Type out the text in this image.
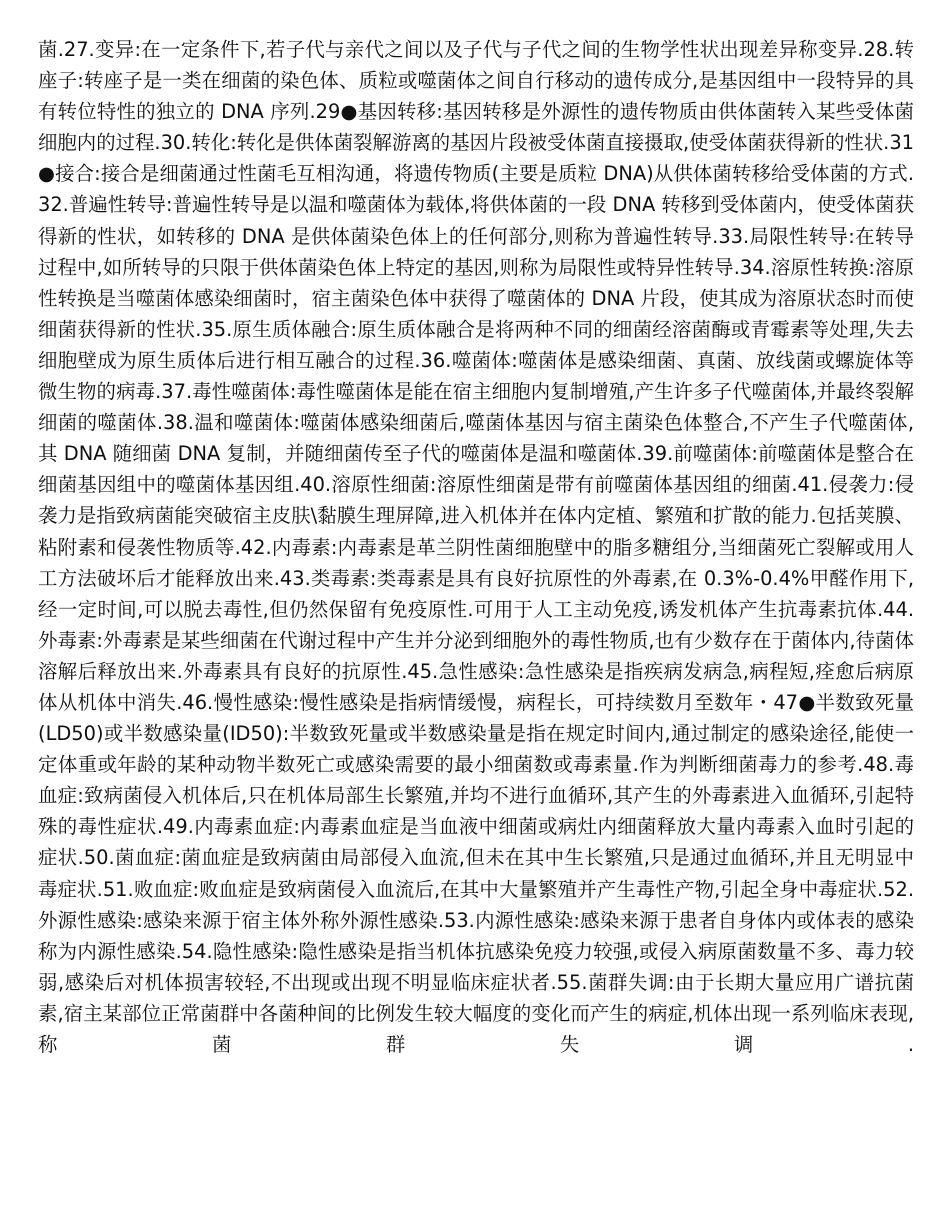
菌.27.变异:在一定条件下,若子代与亲代之间以及子代与子代之间的生物学性状出现差异称变异.28.转座子:转座子是一类在细菌的染色体、质粒或噬菌体之间自行移动的遗传成分,是基因组中一段特异的具有转位特性的独立的 DNA 序列.29●基因转移:基因转移是外源性的遗传物质由供体菌转入某些受体菌细胞内的过程.30.转化:转化是供体菌裂解游离的基因片段被受体菌直接摄取,使受体菌获得新的性状.31●接合:接合是细菌通过性菌毛互相沟通，将遗传物质(主要是质粒 DNA)从供体菌转移给受体菌的方式.32.普遍性转导:普遍性转导是以温和噬菌体为载体,将供体菌的一段 DNA 转移到受体菌内，使受体菌获得新的性状，如转移的 DNA 是供体菌染色体上的任何部分,则称为普遍性转导.33.局限性转导:在转导过程中,如所转导的只限于供体菌染色体上特定的基因,则称为局限性或特异性转导.34.溶原性转换:溶原性转换是当噬菌体感染细菌时，宿主菌染色体中获得了噬菌体的 DNA 片段，使其成为溶原状态时而使细菌获得新的性状.35.原生质体融合:原生质体融合是将两种不同的细菌经溶菌酶或青霉素等处理,失去细胞壁成为原生质体后进行相互融合的过程.36.噬菌体:噬菌体是感染细菌、真菌、放线菌或螺旋体等微生物的病毒.37.毒性噬菌体:毒性噬菌体是能在宿主细胞内复制增殖,产生许多子代噬菌体,并最终裂解细菌的噬菌体.38.温和噬菌体:噬菌体感染细菌后,噬菌体基因与宿主菌染色体整合,不产生子代噬菌体,其 DNA 随细菌 DNA 复制，并随细菌传至子代的噬菌体是温和噬菌体.39.前噬菌体:前噬菌体是整合在细菌基因组中的噬菌体基因组.40.溶原性细菌:溶原性细菌是带有前噬菌体基因组的细菌.41.侵袭力:侵袭力是指致病菌能突破宿主皮肤\黏膜生理屏障,进入机体并在体内定植、繁殖和扩散的能力.包括荚膜、粘附素和侵袭性物质等.42.内毒素:内毒素是革兰阴性菌细胞壁中的脂多糖组分,当细菌死亡裂解或用人工方法破坏后才能释放出来.43.类毒素:类毒素是具有良好抗原性的外毒素,在 0.3%-0.4%甲醛作用下,经一定时间,可以脱去毒性,但仍然保留有免疫原性.可用于人工主动免疫,诱发机体产生抗毒素抗体.44.外毒素:外毒素是某些细菌在代谢过程中产生并分泌到细胞外的毒性物质,也有少数存在于菌体内,待菌体溶解后释放出来.外毒素具有良好的抗原性.45.急性感染:急性感染是指疾病发病急,病程短,痊愈后病原体从机体中消失.46.慢性感染:慢性感染是指病情缓慢，病程长，可持续数月至数年・47●半数致死量(LD50)或半数感染量(ID50):半数致死量或半数感染量是指在规定时间内,通过制定的感染途径,能使一定体重或年龄的某种动物半数死亡或感染需要的最小细菌数或毒素量.作为判断细菌毒力的参考.48.毒血症:致病菌侵入机体后,只在机体局部生长繁殖,并均不进行血循环,其产生的外毒素进入血循环,引起特殊的毒性症状.49.内毒素血症:内毒素血症是当血液中细菌或病灶内细菌释放大量内毒素入血时引起的症状.50.菌血症:菌血症是致病菌由局部侵入血流,但未在其中生长繁殖,只是通过血循环,并且无明显中毒症状.51.败血症:败血症是致病菌侵入血流后,在其中大量繁殖并产生毒性产物,引起全身中毒症状.52.外源性感染:感染来源于宿主体外称外源性感染.53.内源性感染:感染来源于患者自身体内或体表的感染称为内源性感染.54.隐性感染:隐性感染是指当机体抗感染免疫力较强,或侵入病原菌数量不多、毒力较弱,感染后对机体损害较轻,不出现或出现不明显临床症状者.55.菌群失调:由于长期大量应用广谱抗菌素,宿主某部位正常菌群中各菌种间的比例发生较大幅度的变化而产生的病症,机体出现一系列临床表现,称菌群失调.
